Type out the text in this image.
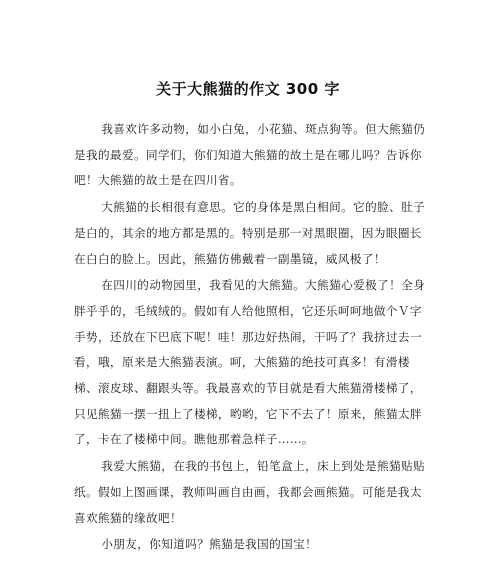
关于大熊猫的作文 300 字

我喜欢许多动物，如小白兔，小花猫、斑点狗等。但大熊猫仍是我的最爱。同学们，你们知道大熊猫的故土是在哪儿吗？告诉你吧！大熊猫的故土是在四川省。

大熊猫的长相很有意思。它的身体是黑白相间。它的脸、肚子是白的，其余的地方都是黑的。特别是那一对黑眼圈，因为眼圈长在白白的脸上。因此，熊猫仿佛戴着一副墨镜，威风极了！

在四川的动物园里，我看见的大熊猫。大熊猫心爱极了！全身胖乎乎的，毛绒绒的。假如有人给他照相，它还乐呵呵地做个Ｖ字手势，还放在下巴底下呢！哇！那边好热闹，干吗了？我挤过去一看，哦，原来是大熊猫表演。呵，大熊猫的绝技可真多！有滑楼梯、滚皮球、翻跟头等。我最喜欢的节目就是看大熊猫滑楼梯了，只见熊猫一摆一扭上了楼梯，哟哟，它下不去了！原来，熊猫太胖了，卡在了楼梯中间。瞧他那着急样子……。

我爱大熊猫，在我的书包上，铅笔盒上，床上到处是熊猫贴贴纸。假如上图画课，教师叫画自由画，我都会画熊猫。可能是我太喜欢熊猫的缘故吧！

小朋友，你知道吗？熊猫是我国的国宝！
